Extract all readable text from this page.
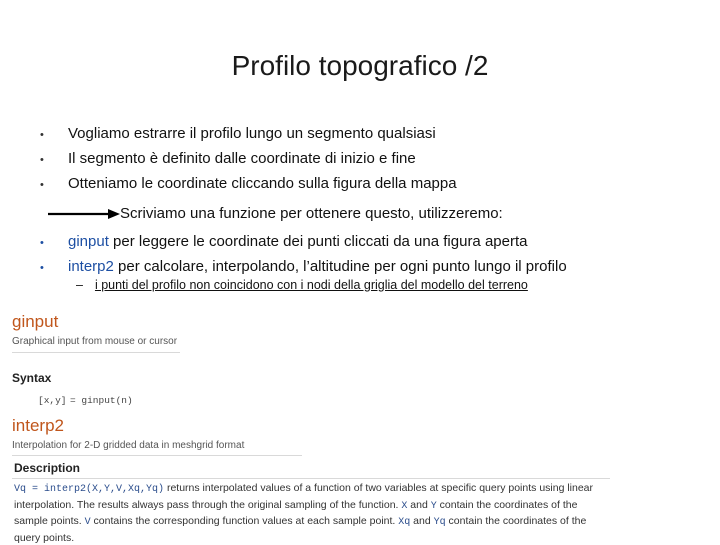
Profilo topografico /2
•	Vogliamo estrarre il profilo lungo un segmento qualsiasi
•	Il segmento è definito dalle coordinate di inizio e fine
•	Otteniamo le coordinate cliccando sulla figura della mappa
Scriviamo una funzione per ottenere questo, utilizzeremo:
•	ginput per leggere le coordinate dei punti cliccati da una figura aperta
•	interp2 per calcolare, interpolando, l’altitudine per ogni punto lungo il profilo
– i punti del profilo non coincidono con i nodi della griglia del modello del terreno
ginput
Graphical input from mouse or cursor
Syntax
[x,y] = ginput(n)
interp2
Interpolation for 2-D gridded data in meshgrid format
Description
Vq = interp2(X,Y,V,Xq,Yq) returns interpolated values of a function of two variables at specific query points using linear interpolation. The results always pass through the original sampling of the function. X and Y contain the coordinates of the sample points. V contains the corresponding function values at each sample point. Xq and Yq contain the coordinates of the query points.
